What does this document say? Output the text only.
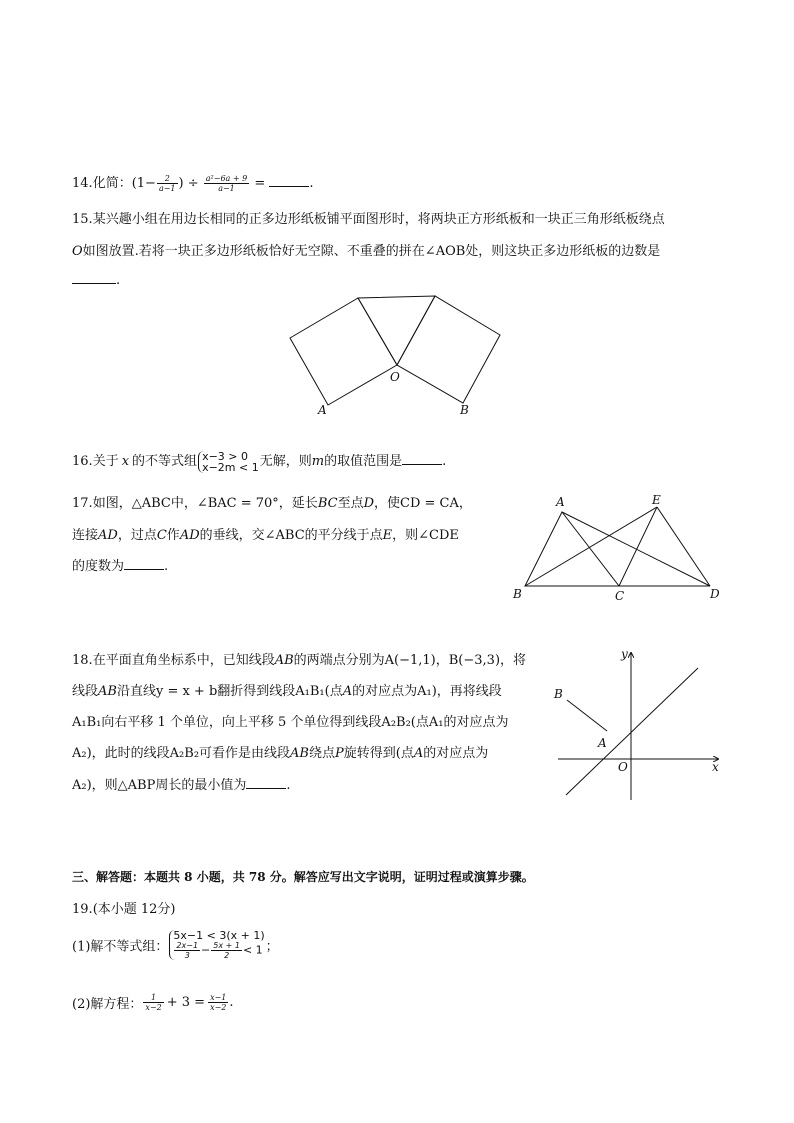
14.化简：($1- \frac{2}{a-1}$ ) ÷ $\frac{\text{a²−6a + 9}}{a-1}$ =	.
15.某兴趣小组在用边长相同的正多边形纸板铺平面图形时，将两块正方形纸板和一块正三角形纸板绕点
O如图放置.若将一块正多边形纸板恰好无空隙、不重叠的拼在∠AOB处，则这块正多边形纸板的边数是
.
O
A	B
16.关于 x 的不等式组 x−3 > 0
x−2m < 1 无解，则m的取值范围是	.
17.如图，△ABC中，∠BAC = 70°，延长BC至点D，使CD = CA，
连接AD，过点C作AD的垂线，交∠ABC的平分线于点E，则∠CDE
的度数为	.
A	E
B	C	D
18.在平面直角坐标系中，已知线段AB的两端点分别为A(−1,1)，B(−3,3)，将
线段AB沿直线y = x + b翻折得到线段A₁B₁(点A的对应点为A₁)，再将线段
A₁B₁向右平移 1 个单位，向上平移 5 个单位得到线段A₂B₂(点A₁的对应点为
A₂)，此时的线段A₂B₂可看作是由线段AB绕点P旋转得到(点A的对应点为
A₂)，则△ABP周长的最小值为	.
y
x
O
A
B
三、解答题：本题共 8 小题，共 78 分。解答应写出文字说明，证明过程或演算步骤。
19.(本小题 12分)
(1)解不等式组：
5x−1 < 3(x + 1)
$\frac{2x-1}{3} - \frac{5x + 1}{2} < 1$ ；
(2)解方程： $\frac{1}{x-2} + 3 = \frac{x-1}{x-2}$ .
